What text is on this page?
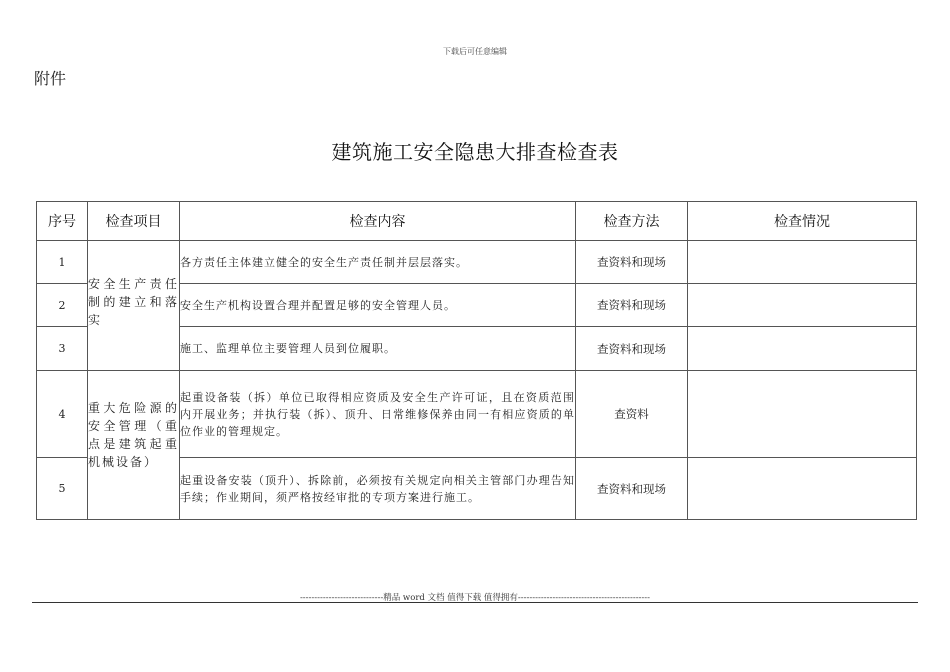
下载后可任意编辑
附件
建筑施工安全隐患大排查检查表
序号	检查项目	检查内容	检查方法	检查情况
1	安全生产责任制的建立和落实	各方责任主体建立健全的安全生产责任制并层层落实。	查资料和现场	
2		安全生产机构设置合理并配置足够的安全管理人员。	查资料和现场	
3		施工、监理单位主要管理人员到位履职。	查资料和现场	
4	重大危险源的安全管理（重点是建筑起重机械设备）	起重设备装（拆）单位已取得相应资质及安全生产许可证，且在资质范围内开展业务；并执行装（拆）、顶升、日常维修保养由同一有相应资质的单位作业的管理规定。	查资料	
5		起重设备安装（顶升）、拆除前，必须按有关规定向相关主管部门办理告知手续；作业期间，须严格按经审批的专项方案进行施工。	查资料和现场	
-----------------------------精品 word 文档 值得下载 值得拥有----------------------------------------------
